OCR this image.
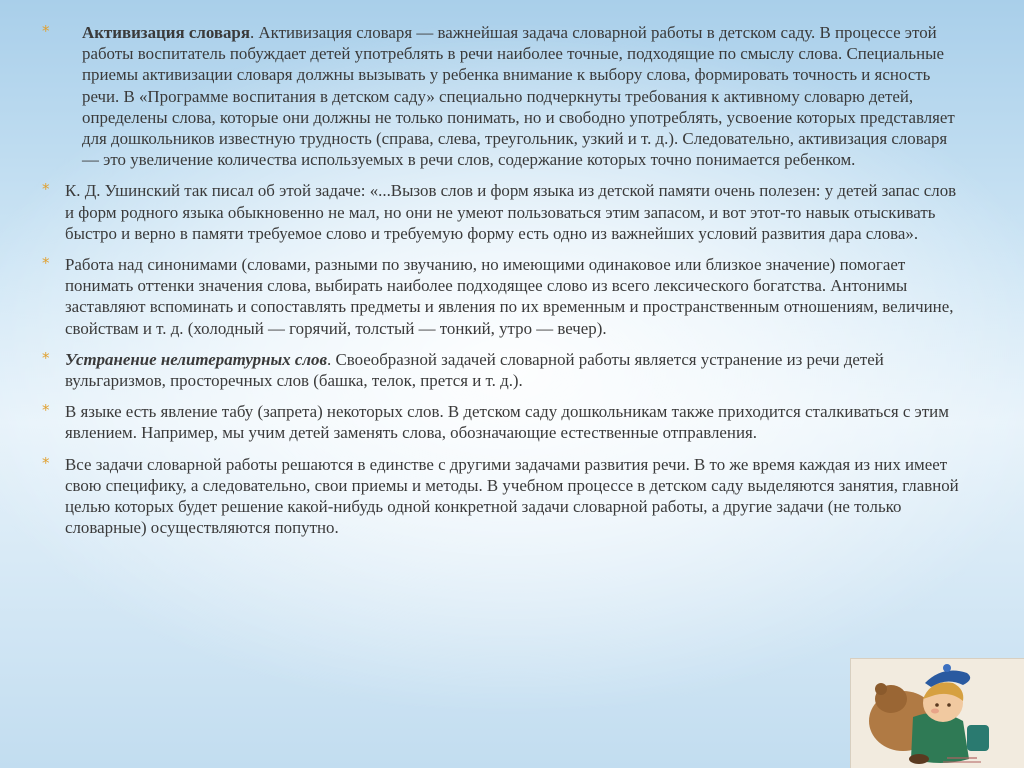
* Активизация словаря. Активизация словаря — важнейшая задача словарной работы в детском саду. В процессе этой работы воспитатель побуждает детей употреблять в речи наиболее точные, подходящие по смыслу слова. Специальные приемы активизации словаря должны вызывать у ребенка внимание к выбору слова, формировать точность и ясность речи. В «Программе воспитания в детском саду» специально подчеркнуты требования к активному словарю детей, определены слова, которые они должны не только понимать, но и свободно употреблять, усвоение которых представляет для дошкольников известную трудность (справа, слева, треугольник, узкий и т. д.). Следовательно, активизация словаря — это увеличение количества используемых в речи слов, содержание которых точно понимается ребенком.
* К. Д. Ушинский так писал об этой задаче: «...Вызов слов и форм языка из детской памяти очень полезен: у детей запас слов и форм родного языка обыкновенно не мал, но они не умеют пользоваться этим запасом, и вот этот-то навык отыскивать быстро и верно в памяти требуемое слово и требуемую форму есть одно из важнейших условий развития дара слова».
* Работа над синонимами (словами, разными по звучанию, но имеющими одинаковое или близкое значение) помогает понимать оттенки значения слова, выбирать наиболее подходящее слово из всего лексического богатства. Антонимы заставляют вспоминать и сопоставлять предметы и явления по их временным и пространственным отношениям, величине, свойствам и т. д. (холодный — горячий, толстый — тонкий, утро — вечер).
* Устранение нелитературных слов. Своеобразной задачей словарной работы является устранение из речи детей вульгаризмов, просторечных слов (башка, телок, прется и т. д.).
* В языке есть явление табу (запрета) некоторых слов. В детском саду дошкольникам также приходится сталкиваться с этим явлением. Например, мы учим детей заменять слова, обозначающие естественные отправления.
* Все задачи словарной работы решаются в единстве с другими задачами развития речи. В то же время каждая из них имеет свою специфику, а следовательно, свои приемы и методы. В учебном процессе в детском саду выделяются занятия, главной целью которых будет решение какой-нибудь одной конкретной задачи словарной работы, а другие задачи (не только словарные) осуществляются попутно.
